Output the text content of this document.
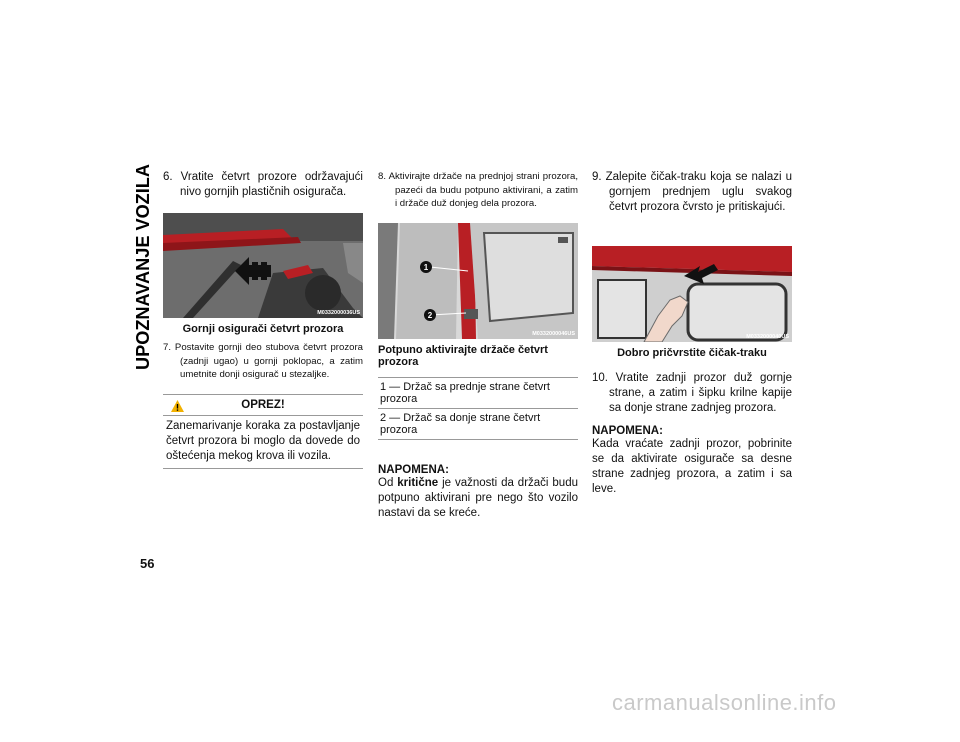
UPOZNAVANJE VOZILA
56
6. Vratite četvrt prozore održavajući nivo gornjih plastičnih osigurača.
M0332000036US
Gornji osigurači četvrt prozora
7. Postavite gornji deo stubova četvrt prozora (zadnji ugao) u gornji poklopac, a zatim umetnite donji osigurač u stezaljke.
OPREZ!
Zanemarivanje koraka za postavljanje četvrt prozora bi moglo da dovede do oštećenja mekog krova ili vozila.
8. Aktivirajte držače na prednjoj strani prozora, pazeći da budu potpuno aktivirani, a zatim i držače duž donjeg dela prozora.
1
2
M0332000046US
Potpuno aktivirajte držače četvrt prozora
1 — Držač sa prednje strane četvrt prozora
2 — Držač sa donje strane četvrt prozora
NAPOMENA:
Od kritične je važnosti da držači budu potpuno aktivirani pre nego što vozilo nastavi da se kreće.
9. Zalepite čičak-traku koja se nalazi u gornjem prednjem uglu svakog četvrt prozora čvrsto je pritiskajući.
M0332000040US
Dobro pričvrstite čičak-traku
10. Vratite zadnji prozor duž gornje strane, a zatim i šipku krilne kapije sa donje strane zadnjeg prozora.
NAPOMENA:
Kada vraćate zadnji prozor, pobrinite se da aktivirate osigurače sa desne strane zadnjeg prozora, a zatim i sa leve.
carmanualsonline.info
